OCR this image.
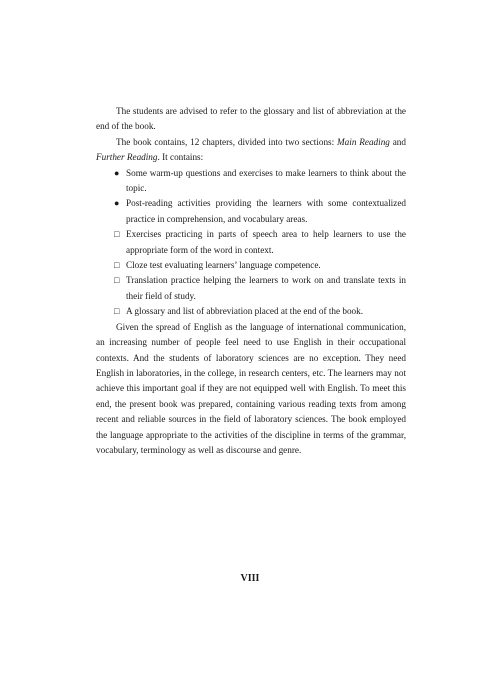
The students are advised to refer to the glossary and list of abbreviation at the end of the book.

The book contains, 12 chapters, divided into two sections: Main Reading and Further Reading. It contains:

● Some warm-up questions and exercises to make learners to think about the topic.
● Post-reading activities providing the learners with some contextualized practice in comprehension, and vocabulary areas.
□ Exercises practicing in parts of speech area to help learners to use the appropriate form of the word in context.
□ Cloze test evaluating learners’ language competence.
□ Translation practice helping the learners to work on and translate texts in their field of study.
□ A glossary and list of abbreviation placed at the end of the book.

Given the spread of English as the language of international communication, an increasing number of people feel need to use English in their occupational contexts. And the students of laboratory sciences are no exception. They need English in laboratories, in the college, in research centers, etc. The learners may not achieve this important goal if they are not equipped well with English. To meet this end, the present book was prepared, containing various reading texts from among recent and reliable sources in the field of laboratory sciences. The book employed the language appropriate to the activities of the discipline in terms of the grammar, vocabulary, terminology as well as discourse and genre.

VIII
